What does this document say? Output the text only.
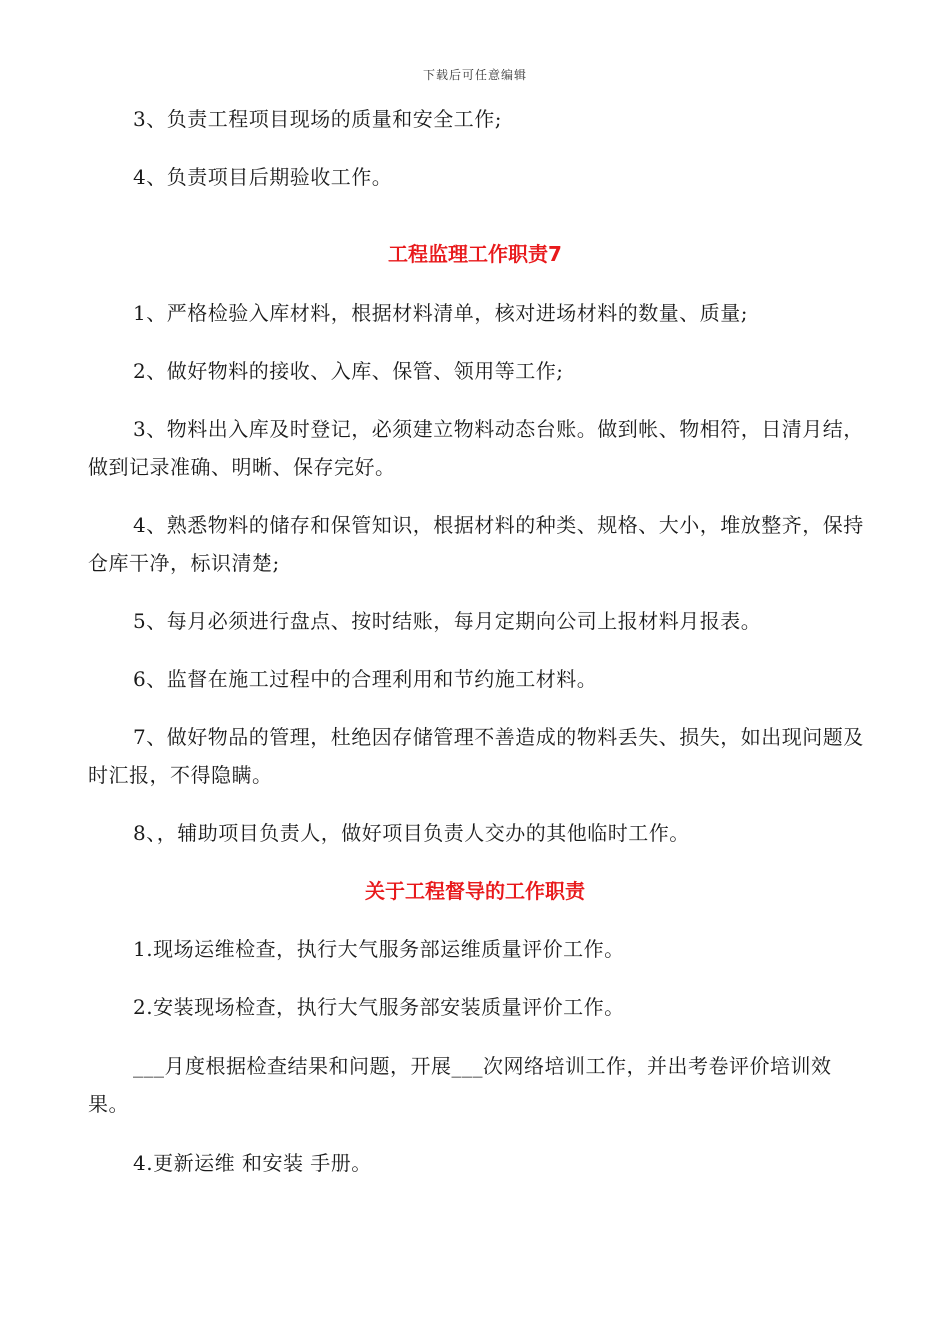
下载后可任意编辑

3、负责工程项目现场的质量和安全工作;

4、负责项目后期验收工作。

工程监理工作职责7

1、严格检验入库材料，根据材料清单，核对进场材料的数量、质量;

2、做好物料的接收、入库、保管、领用等工作;

3、物料出入库及时登记，必须建立物料动态台账。做到帐、物相符，日清月结，做到记录准确、明晰、保存完好。

4、熟悉物料的储存和保管知识，根据材料的种类、规格、大小，堆放整齐，保持仓库干净，标识清楚;

5、每月必须进行盘点、按时结账，每月定期向公司上报材料月报表。

6、监督在施工过程中的合理利用和节约施工材料。

7、做好物品的管理，杜绝因存储管理不善造成的物料丢失、损失，如出现问题及时汇报，不得隐瞒。

8、，辅助项目负责人，做好项目负责人交办的其他临时工作。

关于工程督导的工作职责

1.现场运维检查，执行大气服务部运维质量评价工作。

2.安装现场检查，执行大气服务部安装质量评价工作。

___月度根据检查结果和问题，开展___次网络培训工作，并出考卷评价培训效果。

4.更新运维 和安装 手册。
